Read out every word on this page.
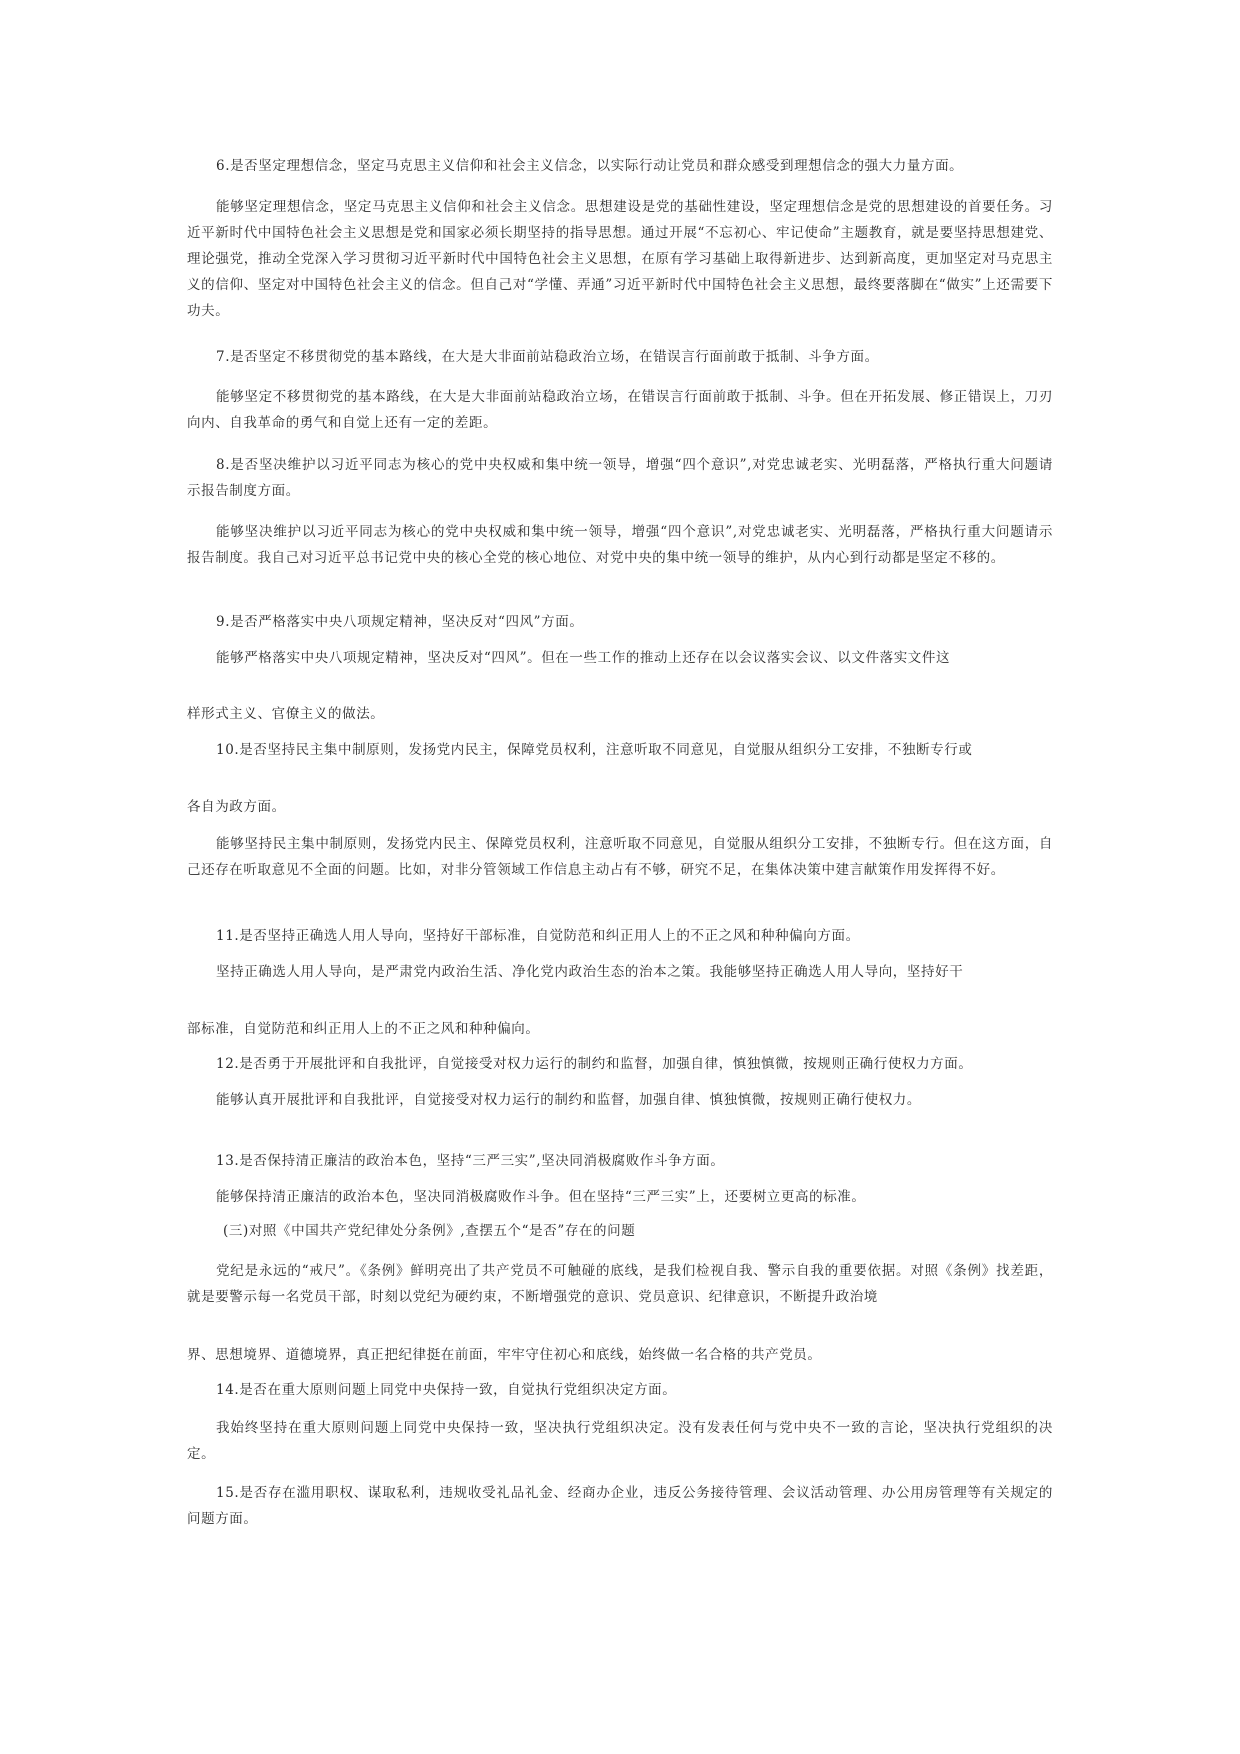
6.是否坚定理想信念，坚定马克思主义信仰和社会主义信念，以实际行动让党员和群众感受到理想信念的强大力量方面。

能够坚定理想信念，坚定马克思主义信仰和社会主义信念。思想建设是党的基础性建设，坚定理想信念是党的思想建设的首要任务。习近平新时代中国特色社会主义思想是党和国家必须长期坚持的指导思想。通过开展“不忘初心、牢记使命”主题教育，就是要坚持思想建党、理论强党，推动全党深入学习贯彻习近平新时代中国特色社会主义思想，在原有学习基础上取得新进步、达到新高度，更加坚定对马克思主义的信仰、坚定对中国特色社会主义的信念。但自己对“学懂、弄通”习近平新时代中国特色社会主义思想，最终要落脚在“做实”上还需要下功夫。

7.是否坚定不移贯彻党的基本路线，在大是大非面前站稳政治立场，在错误言行面前敢于抵制、斗争方面。

能够坚定不移贯彻党的基本路线，在大是大非面前站稳政治立场，在错误言行面前敢于抵制、斗争。但在开拓发展、修正错误上，刀刃向内、自我革命的勇气和自觉上还有一定的差距。

8.是否坚决维护以习近平同志为核心的党中央权威和集中统一领导，增强“四个意识”,对党忠诚老实、光明磊落，严格执行重大问题请示报告制度方面。

能够坚决维护以习近平同志为核心的党中央权威和集中统一领导，增强“四个意识”,对党忠诚老实、光明磊落，严格执行重大问题请示报告制度。我自己对习近平总书记党中央的核心全党的核心地位、对党中央的集中统一领导的维护，从内心到行动都是坚定不移的。

9.是否严格落实中央八项规定精神，坚决反对“四风”方面。

能够严格落实中央八项规定精神，坚决反对“四风”。但在一些工作的推动上还存在以会议落实会议、以文件落实文件这

样形式主义、官僚主义的做法。

10.是否坚持民主集中制原则，发扬党内民主，保障党员权利，注意听取不同意见，自觉服从组织分工安排，不独断专行或

各自为政方面。

能够坚持民主集中制原则，发扬党内民主、保障党员权利，注意听取不同意见，自觉服从组织分工安排，不独断专行。但在这方面，自己还存在听取意见不全面的问题。比如，对非分管领域工作信息主动占有不够，研究不足，在集体决策中建言献策作用发挥得不好。

11.是否坚持正确选人用人导向，坚持好干部标准，自觉防范和纠正用人上的不正之风和种种偏向方面。

坚持正确选人用人导向，是严肃党内政治生活、净化党内政治生态的治本之策。我能够坚持正确选人用人导向，坚持好干

部标准，自觉防范和纠正用人上的不正之风和种种偏向。

12.是否勇于开展批评和自我批评，自觉接受对权力运行的制约和监督，加强自律，慎独慎微，按规则正确行使权力方面。

能够认真开展批评和自我批评，自觉接受对权力运行的制约和监督，加强自律、慎独慎微，按规则正确行使权力。

13.是否保持清正廉洁的政治本色，坚持“三严三实”,坚决同消极腐败作斗争方面。

能够保持清正廉洁的政治本色，坚决同消极腐败作斗争。但在坚持“三严三实”上，还要树立更高的标准。

(三)对照《中国共产党纪律处分条例》,查摆五个“是否”存在的问题

党纪是永远的“戒尺”。《条例》鲜明亮出了共产党员不可触碰的底线，是我们检视自我、警示自我的重要依据。对照《条例》找差距，就是要警示每一名党员干部，时刻以党纪为硬约束，不断增强党的意识、党员意识、纪律意识，不断提升政治境

界、思想境界、道德境界，真正把纪律挺在前面，牢牢守住初心和底线，始终做一名合格的共产党员。

14.是否在重大原则问题上同党中央保持一致，自觉执行党组织决定方面。

我始终坚持在重大原则问题上同党中央保持一致，坚决执行党组织决定。没有发表任何与党中央不一致的言论，坚决执行党组织的决定。

15.是否存在滥用职权、谋取私利，违规收受礼品礼金、经商办企业，违反公务接待管理、会议活动管理、办公用房管理等有关规定的问题方面。
